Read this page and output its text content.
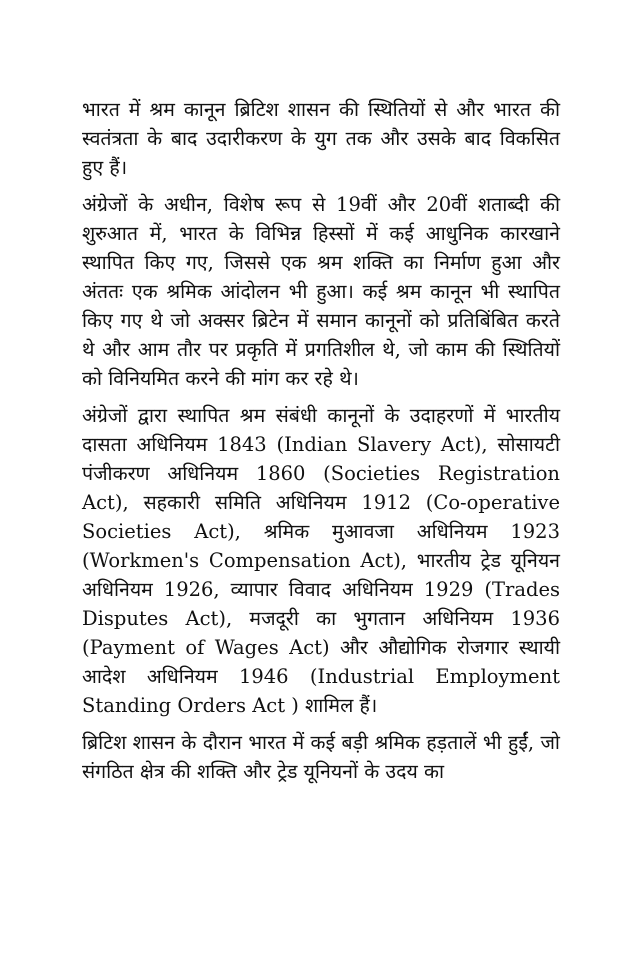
भारत में श्रम कानून ब्रिटिश शासन की स्थितियों से और भारत की स्वतंत्रता के बाद उदारीकरण के युग तक और उसके बाद विकसित हुए हैं।

अंग्रेजों के अधीन, विशेष रूप से 19वीं और 20वीं शताब्दी की शुरुआत में, भारत के विभिन्न हिस्सों में कई आधुनिक कारखाने स्थापित किए गए, जिससे एक श्रम शक्ति का निर्माण हुआ और अंततः एक श्रमिक आंदोलन भी हुआ। कई श्रम कानून भी स्थापित किए गए थे जो अक्सर ब्रिटेन में समान कानूनों को प्रतिबिंबित करते थे और आम तौर पर प्रकृति में प्रगतिशील थे, जो काम की स्थितियों को विनियमित करने की मांग कर रहे थे।

अंग्रेजों द्वारा स्थापित श्रम संबंधी कानूनों के उदाहरणों में भारतीय दासता अधिनियम 1843 (Indian Slavery Act), सोसायटी पंजीकरण अधिनियम 1860 (Societies Registration Act), सहकारी समिति अधिनियम 1912 (Co-operative Societies Act), श्रमिक मुआवजा अधिनियम 1923 (Workmen's Compensation Act), भारतीय ट्रेड यूनियन अधिनियम 1926, व्यापार विवाद अधिनियम 1929 (Trades Disputes Act), मजदूरी का भुगतान अधिनियम 1936 (Payment of Wages Act) और औद्योगिक रोजगार स्थायी आदेश अधिनियम 1946 (Industrial Employment Standing Orders Act ) शामिल हैं।

ब्रिटिश शासन के दौरान भारत में कई बड़ी श्रमिक हड़तालें भी हुईं, जो संगठित क्षेत्र की शक्ति और ट्रेड यूनियनों के उदय का
